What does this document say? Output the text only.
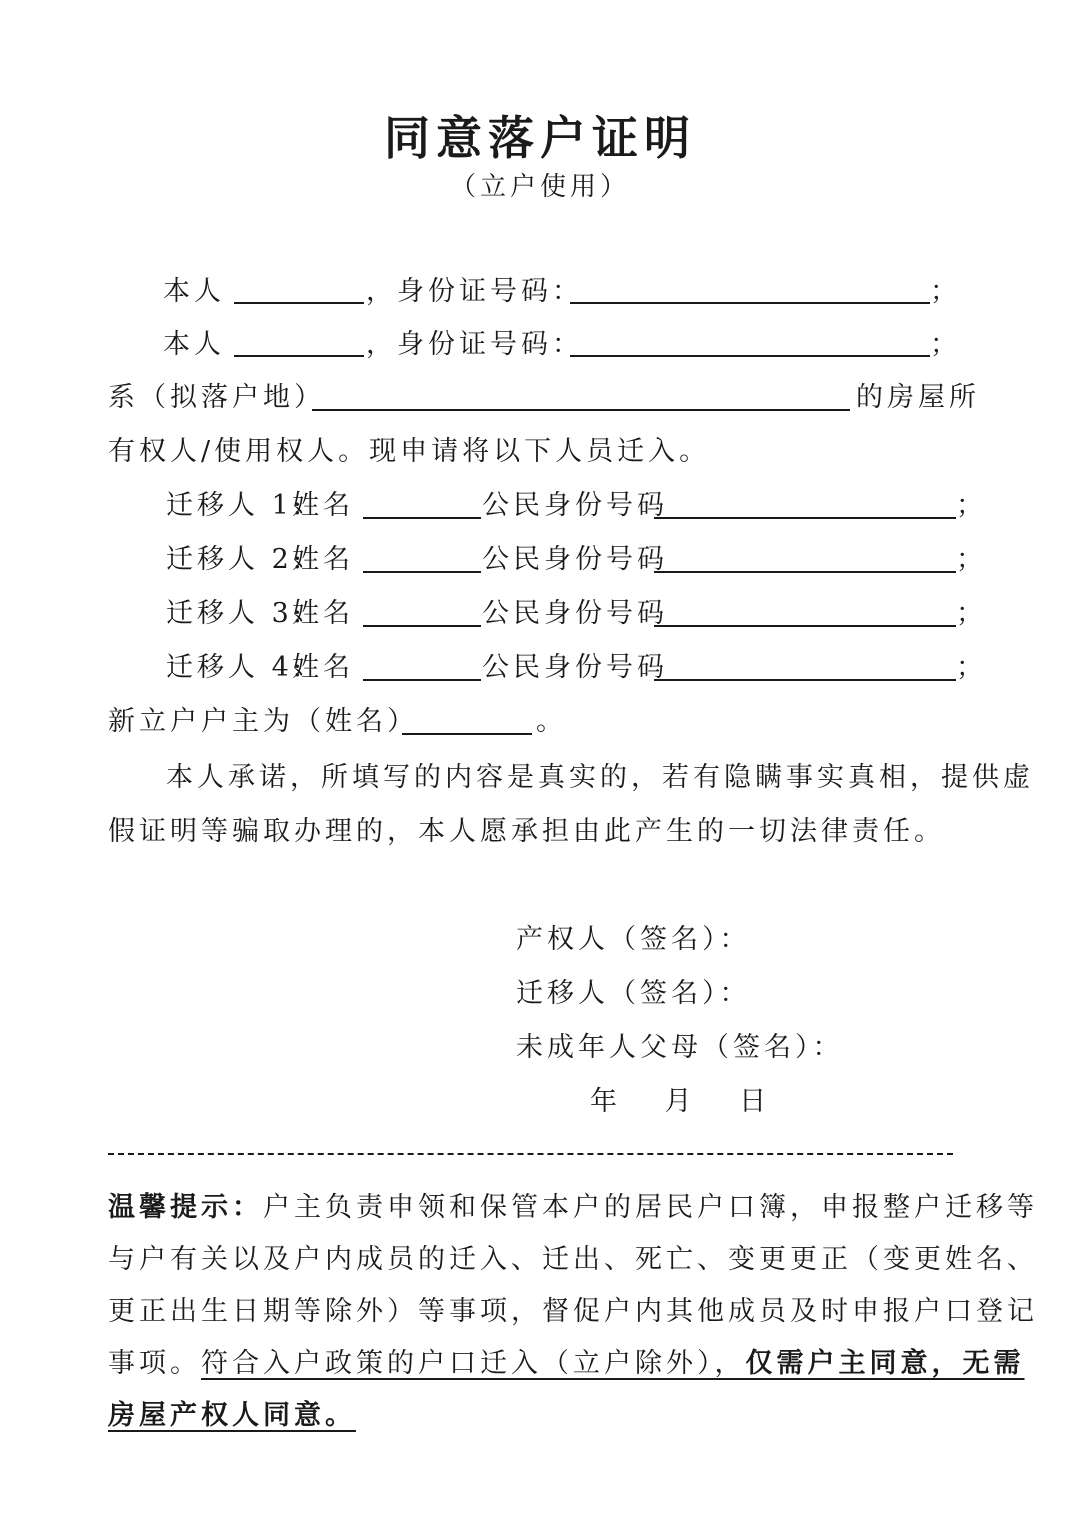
同意落户证明
（立户使用）
本人	，身份证号码：	；
本人	，身份证号码：	；
系（拟落户地）	的房屋所
有权人/使用权人。现申请将以下人员迁入。
迁移人 1:
姓名	公民身份号码	；
迁移人 2:
姓名	公民身份号码	；
迁移人 3:
姓名	公民身份号码	；
迁移人 4:
姓名	公民身份号码	；
新立户户主为（姓名）	。
本人承诺，所填写的内容是真实的，若有隐瞒事实真相，提供虚
假证明等骗取办理的，本人愿承担由此产生的一切法律责任。
产权人（签名）：
迁移人（签名）：
未成年人父母（签名）：
年　 月　 日
温馨提示：户主负责申领和保管本户的居民户口簿，申报整户迁移等
与户有关以及户内成员的迁入、迁出、死亡、变更更正（变更姓名、
更正出生日期等除外）等事项，督促户内其他成员及时申报户口登记
事项。符合入户政策的户口迁入（立户除外），仅需户主同意，无需
房屋产权人同意。
